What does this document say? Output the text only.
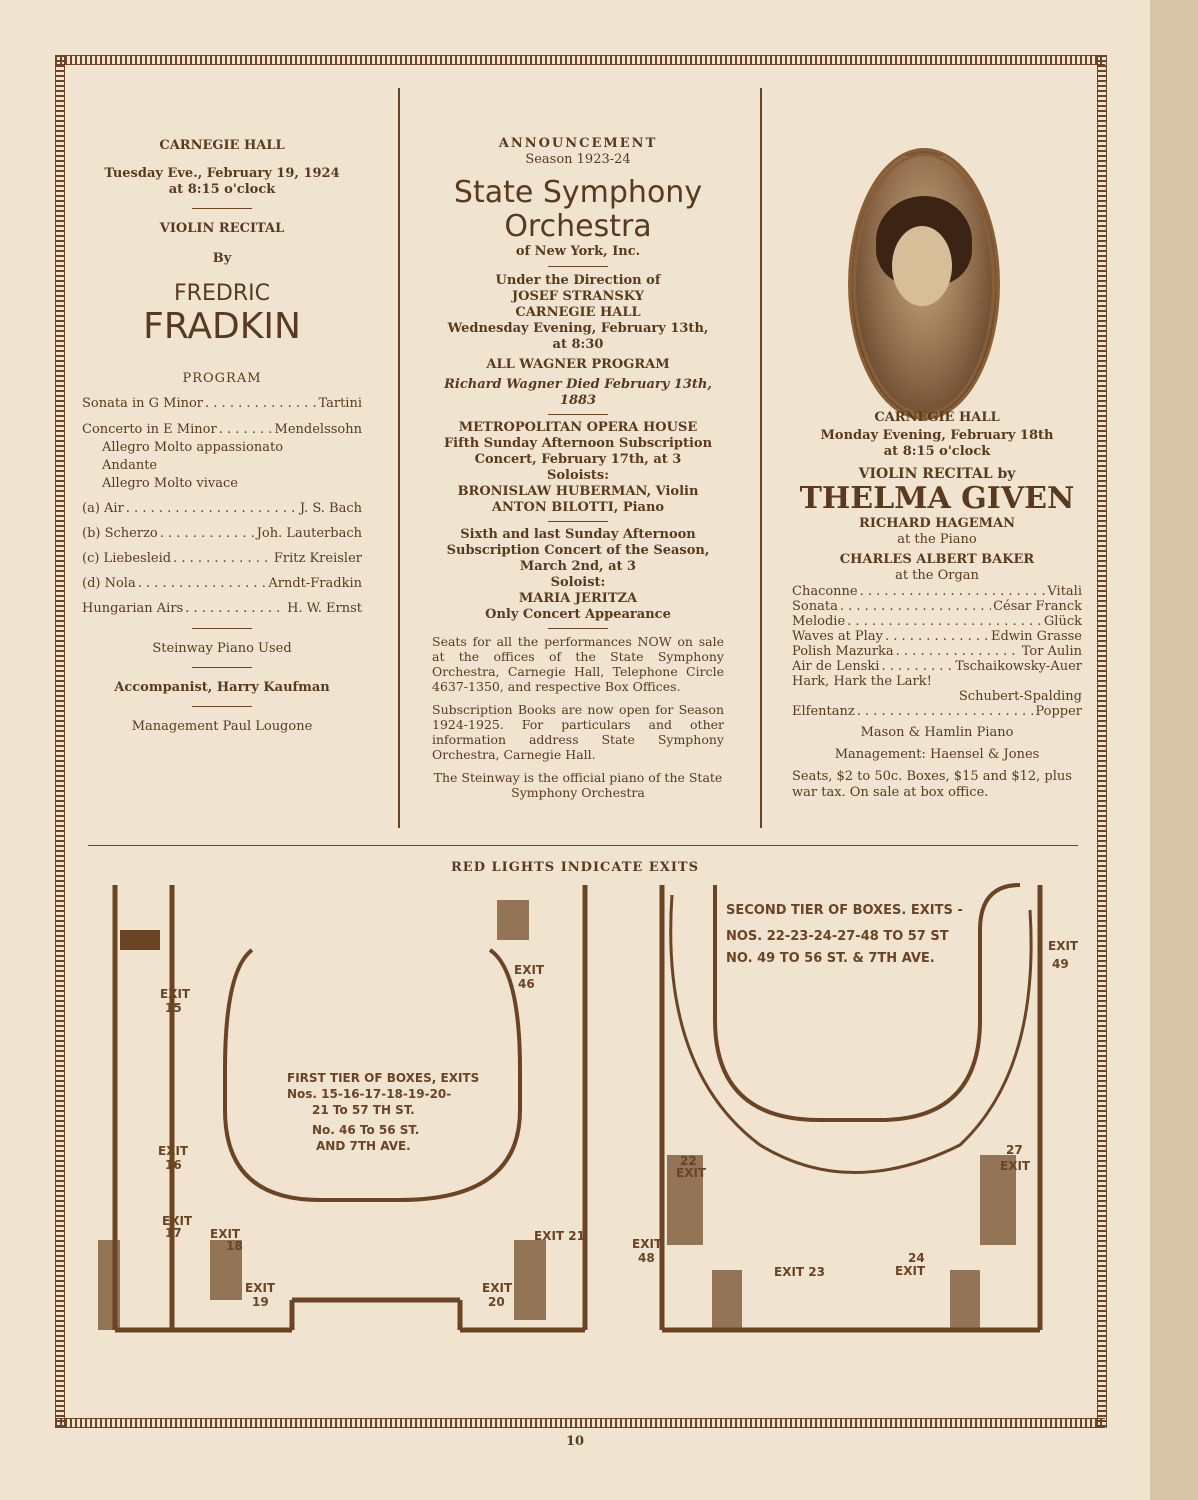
CARNEGIE HALL
Tuesday Eve., February 19, 1924
at 8:15 o'clock
VIOLIN RECITAL
By
FREDRIC
FRADKIN
PROGRAM
Sonata in G Minor . . .	Tartini
Concerto in E Minor . . .	Mendelssohn
Allegro Molto appassionato
Andante
Allegro Molto vivace
(a) Air . . .	J. S. Bach
(b) Scherzo . . .	Joh. Lauterbach
(c) Liebesleid . . .	Fritz Kreisler
(d) Nola . . .	Arndt-Fradkin
Hungarian Airs . . .	H. W. Ernst
Steinway Piano Used
Accompanist, Harry Kaufman
Management Paul Lougone
ANNOUNCEMENT
Season 1923-24
State Symphony
Orchestra
of New York, Inc.
Under the Direction of
JOSEF STRANSKY
CARNEGIE HALL
Wednesday Evening, February 13th,
at 8:30
ALL WAGNER PROGRAM
Richard Wagner Died February 13th, 1883
METROPOLITAN OPERA HOUSE
Fifth Sunday Afternoon Subscription
Concert, February 17th, at 3
Soloists:
BRONISLAW HUBERMAN, Violin
ANTON BILOTTI, Piano
Sixth and last Sunday Afternoon
Subscription Concert of the Season,
March 2nd, at 3
Soloist:
MARIA JERITZA
Only Concert Appearance
Seats for all the performances NOW on sale at the offices of the State Symphony Orchestra, Carnegie Hall, Telephone Circle 4637-1350, and respective Box Offices.
Subscription Books are now open for Season 1924-1925. For particulars and other information address State Symphony Orchestra, Carnegie Hall.
The Steinway is the official piano of the State Symphony Orchestra
CARNEGIE HALL
Monday Evening, February 18th
at 8:15 o'clock
VIOLIN RECITAL by
THELMA GIVEN
RICHARD HAGEMAN
at the Piano
CHARLES ALBERT BAKER
at the Organ
Chaconne . . .	Vitali
Sonata . . .	César Franck
Melodie . . .	Glück
Waves at Play . . .	Edwin Grasse
Polish Mazurka . . .	Tor Aulin
Air de Lenski . . .	Tschaikowsky-Auer
Hark, Hark the Lark!
Schubert-Spalding
Elfentanz . . .	Popper
Mason & Hamlin Piano
Management: Haensel & Jones
Seats, $2 to 50c. Boxes, $15 and $12, plus war tax. On sale at box office.
RED LIGHTS INDICATE EXITS
EXIT
15
EXIT
16
EXIT
17 EXIT
18
EXIT
19
EXIT
20
EXIT 21
EXIT
46
EXIT
49
22
EXIT
27
EXIT
EXIT
48
EXIT 23
24
EXIT
FIRST TIER OF BOXES, EXITS
Nos. 15-16-17-18-19-20-
21 To 57 TH ST.
No. 46 To 56 ST.
AND 7TH AVE.
SECOND TIER OF BOXES. EXITS -
NOS. 22-23-24-27-48 TO 57 ST
NO. 49 TO 56 ST. & 7TH AVE.
10
